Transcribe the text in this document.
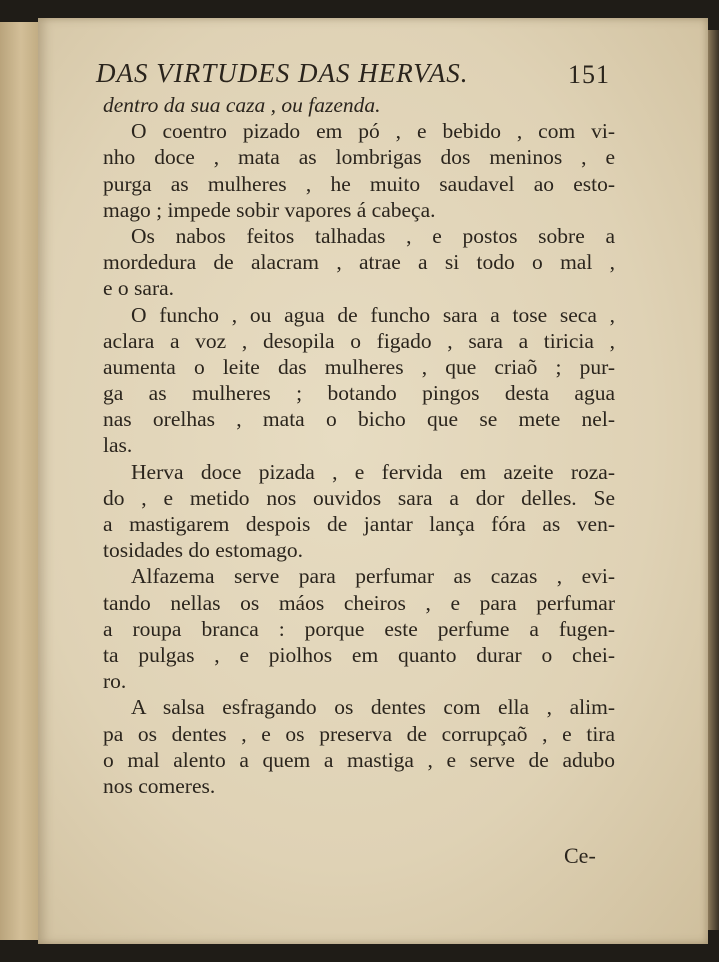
DAS VIRTUDES DAS HERVAS.	151
dentro da sua caza , ou fazenda.
O coentro pizado em pó , e bebido , com vi-
nho doce , mata as lombrigas dos meninos , e
purga as mulheres , he muito saudavel ao esto-
mago ; impede sobir vapores á cabeça.
Os nabos feitos talhadas , e postos sobre a
mordedura de alacram , atrae a si todo o mal ,
e o sara.
O funcho , ou agua de funcho sara a tose seca ,
aclara a voz , desopila o figado , sara a tiricia ,
aumenta o leite das mulheres , que criaõ ; pur-
ga as mulheres ; botando pingos desta agua
nas orelhas , mata o bicho que se mete nel-
las.
Herva doce pizada , e fervida em azeite roza-
do , e metido nos ouvidos sara a dor delles. Se
a mastigarem despois de jantar lança fóra as ven-
tosidades do estomago.
Alfazema serve para perfumar as cazas , evi-
tando nellas os máos cheiros , e para perfumar
a roupa branca : porque este perfume a fugen-
ta pulgas , e piolhos em quanto durar o chei-
ro.
A salsa esfragando os dentes com ella , alim-
pa os dentes , e os preserva de corrupçaõ , e tira
o mal alento a quem a mastiga , e serve de adubo
nos comeres.
Ce-
